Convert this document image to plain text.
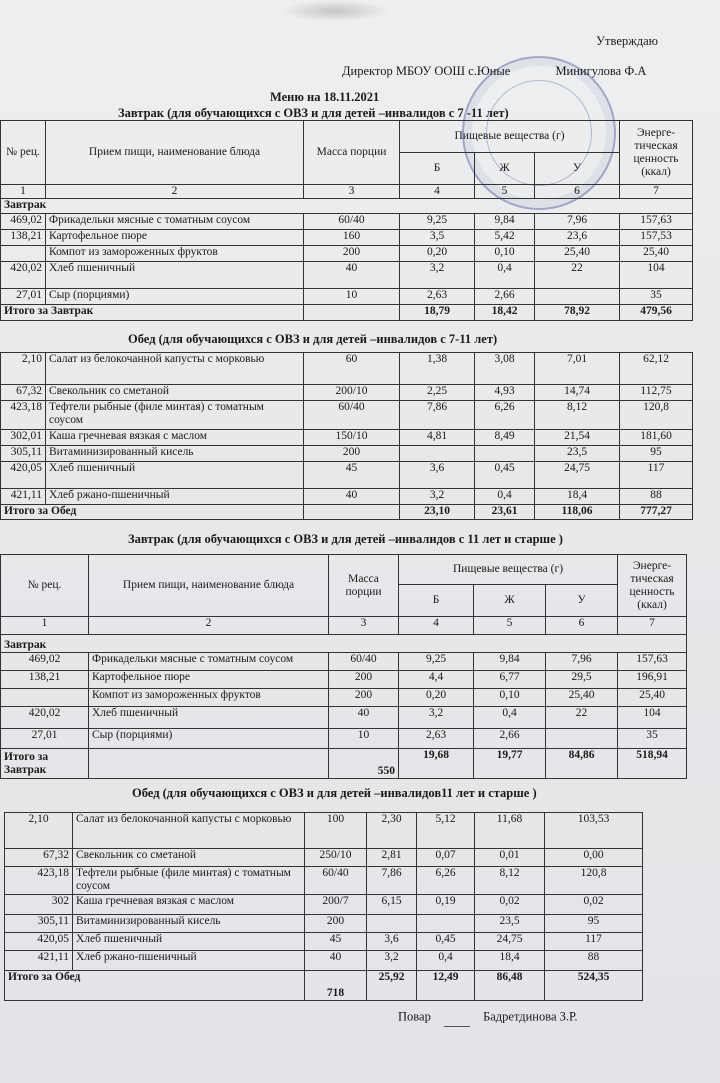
Утверждаю
Директор МБОУ ООШ с.Юные	Минигулова Ф.А
Меню на 18.11.2021
Завтрак (для обучающихся с ОВЗ и для детей –инвалидов с 7 -11 лет)
№ рец.	Прием пищи, наименование блюда	Масса порции	Пищевые вещества (г)			Энерге-тическая ценность (ккал)
			Б	Ж	У	
1	2	3	4	5	6	7
Завтрак						
469,02	Фрикадельки мясные с томатным соусом	60/40	9,25	9,84	7,96	157,63
138,21	Картофельное пюре	160	3,5	5,42	23,6	157,53
	Компот из замороженных фруктов	200	0,20	0,10	25,40	25,40
420,02	Хлеб пшеничный	40	3,2	0,4	22	104
27,01	Сыр (порциями)	10	2,63	2,66		35
Итого за Завтрак			18,79	18,42	78,92	479,56
Обед (для обучающихся с ОВЗ и для детей –инвалидов с 7-11 лет)
2,10	Салат из белокочанной капусты с морковью	60	1,38	3,08	7,01	62,12
67,32	Свекольник со сметаной	200/10	2,25	4,93	14,74	112,75
423,18	Тефтели рыбные (филе минтая) с томатным соусом	60/40	7,86	6,26	8,12	120,8
302,01	Каша гречневая вязкая с маслом	150/10	4,81	8,49	21,54	181,60
305,11	Витаминизированный кисель	200			23,5	95
420,05	Хлеб пшеничный	45	3,6	0,45	24,75	117
421,11	Хлеб ржано-пшеничный	40	3,2	0,4	18,4	88
Итого за Обед			23,10	23,61	118,06	777,27
Завтрак (для обучающихся с ОВЗ и для детей –инвалидов с 11 лет и старше )
№ рец.	Прием пищи, наименование блюда	Масса порции	Пищевые вещества (г)			Энерге-тическая ценность (ккал)
			Б	Ж	У	
1	2	3	4	5	6	7
Завтрак						
469,02	Фрикадельки мясные с томатным соусом	60/40	9,25	9,84	7,96	157,63
138,21	Картофельное пюре	200	4,4	6,77	29,5	196,91
	Компот из замороженных фруктов	200	0,20	0,10	25,40	25,40
420,02	Хлеб пшеничный	40	3,2	0,4	22	104
27,01	Сыр (порциями)	10	2,63	2,66		35
Итого за Завтрак		550	19,68	19,77	84,86	518,94
Обед (для обучающихся с ОВЗ и для детей –инвалидов11 лет и старше )
2,10	Салат из белокочанной капусты с морковью	100	2,30	5,12	11,68	103,53
67,32	Свекольник со сметаной	250/10	2,81	0,07	0,01	0,00
423,18	Тефтели рыбные (филе минтая) с томатным соусом	60/40	7,86	6,26	8,12	120,8
302	Каша гречневая вязкая с маслом	200/7	6,15	0,19	0,02	0,02
305,11	Витаминизированный кисель	200			23,5	95
420,05	Хлеб пшеничный	45	3,6	0,45	24,75	117
421,11	Хлеб ржано-пшеничный	40	3,2	0,4	18,4	88
Итого за Обед		718	25,92	12,49	86,48	524,35
Повар	Бадретдинова З.Р.
